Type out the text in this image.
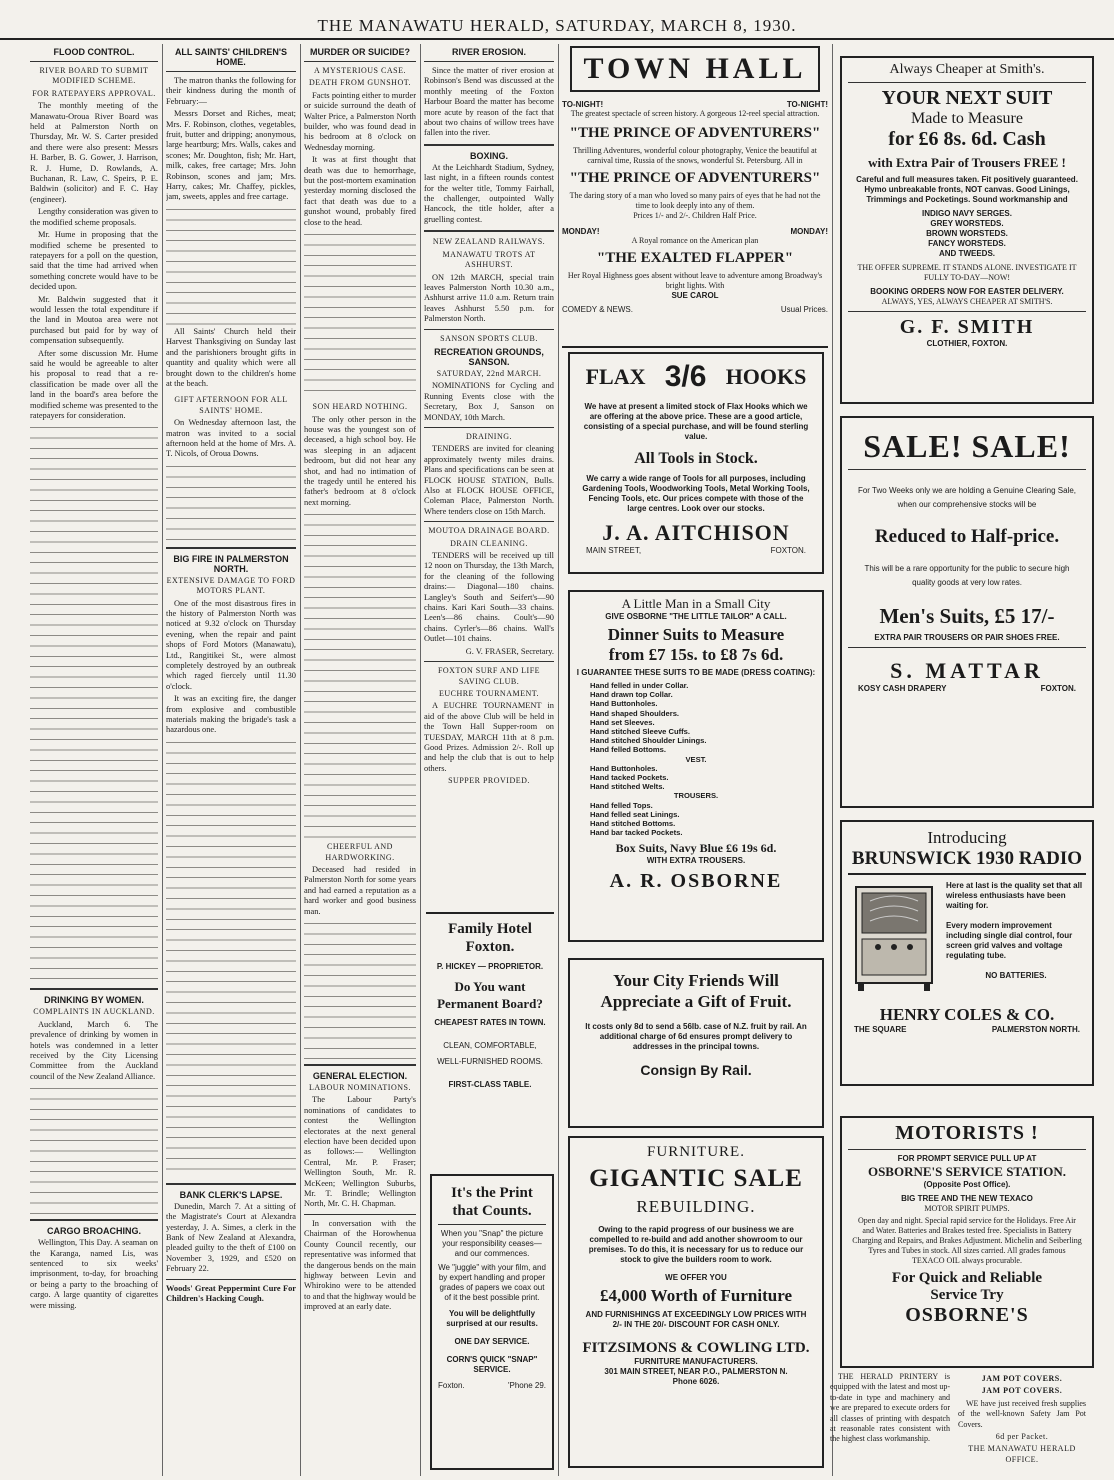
THE MANAWATU HERALD, SATURDAY, MARCH 8, 1930.
FLOOD CONTROL.
RIVER BOARD TO SUBMIT MODIFIED SCHEME.
FOR RATEPAYERS APPROVAL.

The monthly meeting of the Manawatu-Oroua River Board was held at Palmerston North on Thursday, Mr. W. S. Carter presided and there were also present: Messrs H. Barber, B. G. Gower, J. Harrison, R. J. Hume, D. Rowlands, A. Buchanan, R. Law, C. Speirs, P. E. Baldwin (solicitor) and F. C. Hay (engineer).

Lengthy consideration was given to the modified scheme proposals.

Mr. Hume in proposing that the modified scheme be presented to ratepayers for a poll on the question, said that the time had arrived when something concrete would have to be decided upon.

Mr. Baldwin suggested that it would lessen the total expenditure if the land in Moutoa area were not purchased but paid for by way of compensation subsequently.

After some discussion Mr. Hume said he would be agreeable to alter his proposal to read that a re-classification be made over all the land in the board's area before the modified scheme was presented to the ratepayers for consideration.

DRINKING BY WOMEN.
COMPLAINTS IN AUCKLAND.

Auckland, March 6. The prevalence of drinking by women in hotels was condemned in a letter received by the City Licensing Committee from the Auckland council of the New Zealand Alliance.

CARGO BROACHING.

Wellington, This Day. A seaman on the Karanga, named Lis, was sentenced to six weeks' imprisonment, to-day, for broaching or being a party to the broaching of cargo. A large quantity of cigarettes were missing.

ALL SAINTS' CHILDREN'S HOME.

The matron thanks the following for their kindness during the month of February:—

Messrs Dorset and Riches, meat; Mrs. F. Robinson, clothes, vegetables, fruit, butter and dripping; anonymous, large heartburg; Mrs. Walls, cakes and scones; Mr. Doughton, fish; Mr. Hart, milk, cakes, free cartage; Mrs. John Robinson, scones and jam; Mrs. Harry, cakes; Mr. Chaffey, pickles, jam, sweets, apples and free cartage.

All Saints' Church held their Harvest Thanksgiving on Sunday last and the parishioners brought gifts in quantity and quality which were all brought down to the children's home at the beach.

GIFT AFTERNOON FOR ALL SAINTS' HOME.

On Wednesday afternoon last, the matron was invited to a social afternoon held at the home of Mrs. A. T. Nicols, of Oroua Downs.

BIG FIRE IN PALMERSTON NORTH.
EXTENSIVE DAMAGE TO FORD MOTORS PLANT.

One of the most disastrous fires in the history of Palmerston North was noticed at 9.32 o'clock on Thursday evening, when the repair and paint shops of Ford Motors (Manawatu), Ltd., Rangitikei St., were almost completely destroyed by an outbreak which raged fiercely until 11.30 o'clock.

It was an exciting fire, the danger from explosive and combustible materials making the brigade's task a hazardous one.

BANK CLERK'S LAPSE.

Dunedin, March 7. At a sitting of the Magistrate's Court at Alexandra yesterday, J. A. Simes, a clerk in the Bank of New Zealand at Alexandra, pleaded guilty to the theft of £100 on November 3, 1929, and £520 on February 22.

Woods' Great Peppermint Cure For Children's Hacking Cough.

MURDER OR SUICIDE?
A MYSTERIOUS CASE.
DEATH FROM GUNSHOT.

Facts pointing either to murder or suicide surround the death of Walter Price, a Palmerston North builder, who was found dead in his bedroom at 8 o'clock on Wednesday morning.

It was at first thought that death was due to hemorrhage, but the post-mortem examination yesterday morning disclosed the fact that death was due to a gunshot wound, probably fired close to the head.

SON HEARD NOTHING.

The only other person in the house was the youngest son of deceased, a high school boy. He was sleeping in an adjacent bedroom, but did not hear any shot, and had no intimation of the tragedy until he entered his father's bedroom at 8 o'clock next morning.

CHEERFUL AND HARDWORKING.

Deceased had resided in Palmerston North for some years and had earned a reputation as a hard worker and good business man.

GENERAL ELECTION.
LABOUR NOMINATIONS.

The Labour Party's nominations of candidates to contest the Wellington electorates at the next general election have been decided upon as follows:— Wellington Central, Mr. P. Fraser; Wellington South, Mr. R. McKeen; Wellington Suburbs, Mr. T. Brindle; Wellington North, Mr. C. H. Chapman.

In conversation with the Chairman of the Horowhenua County Council recently, our representative was informed that the dangerous bends on the main highway between Levin and Whirokino were to be attended to and that the highway would be improved at an early date.

RIVER EROSION.

Since the matter of river erosion at Robinson's Bend was discussed at the monthly meeting of the Foxton Harbour Board the matter has become more acute by reason of the fact that about two chains of willow trees have fallen into the river.

BOXING.

At the Leichhardt Stadium, Sydney, last night, in a fifteen rounds contest for the welter title, Tommy Fairhall, the challenger, outpointed Wally Hancock, the title holder, after a gruelling contest.

NEW ZEALAND RAILWAYS.
MANAWATU TROTS AT ASHHURST.

ON 12th MARCH, special train leaves Palmerston North 10.30 a.m., Ashhurst arrive 11.0 a.m. Return train leaves Ashhurst 5.50 p.m. for Palmerston North.

SANSON SPORTS CLUB.
RECREATION GROUNDS, SANSON.
SATURDAY, 22nd MARCH.

NOMINATIONS for Cycling and Running Events close with the Secretary, Box J, Sanson on MONDAY, 10th March.

DRAINING.

TENDERS are invited for cleaning approximately twenty miles drains. Plans and specifications can be seen at FLOCK HOUSE STATION, Bulls. Also at FLOCK HOUSE OFFICE, Coleman Place, Palmerston North. Where tenders close on 15th March.

MOUTOA DRAINAGE BOARD.
DRAIN CLEANING.

TENDERS will be received up till 12 noon on Thursday, the 13th March, for the cleaning of the following drains:— Diagonal—180 chains. Langley's South and Seifert's—90 chains. Kari Kari South—33 chains. Leen's—86 chains. Coult's—90 chains. Cyrler's—86 chains. Wall's Outlet—101 chains.

G. V. FRASER, Secretary.

FOXTON SURF AND LIFE SAVING CLUB.
EUCHRE TOURNAMENT.

A EUCHRE TOURNAMENT in aid of the above Club will be held in the Town Hall Supper-room on TUESDAY, MARCH 11th at 8 p.m. Good Prizes. Admission 2/-. Roll up and help the club that is out to help others.

SUPPER PROVIDED.
Family Hotel Foxton.
P. HICKEY — PROPRIETOR.
Do You want Permanent Board?
CHEAPEST RATES IN TOWN.
CLEAN, COMFORTABLE, WELL-FURNISHED ROOMS.
FIRST-CLASS TABLE.
It's the Print that Counts.
When you "Snap" the picture your responsibility ceases—and our commences.
We "juggle" with your film, and by expert handling and proper grades of papers we coax out of it the best possible print.
You will be delightfully surprised at our results.
ONE DAY SERVICE.
CORN'S QUICK "SNAP" SERVICE.
Foxton.	'Phone 29.
TOWN HALL
TO-NIGHT!	TO-NIGHT!
The greatest spectacle of screen history. A gorgeous 12-reel special attraction.
"THE PRINCE OF ADVENTURERS"
Thrilling Adventures, wonderful colour photography, Venice the beautiful at carnival time, Russia of the snows, wonderful St. Petersburg. All in
"THE PRINCE OF ADVENTURERS"
The daring story of a man who loved so many pairs of eyes that he had not the time to look deeply into any of them.
Prices 1/- and 2/-. Children Half Price.
MONDAY!	MONDAY!
A Royal romance on the American plan
"THE EXALTED FLAPPER"
Her Royal Highness goes absent without leave to adventure among Broadway's bright lights. With
SUE CAROL
COMEDY & NEWS.	Usual Prices.
FLAX 3/6 HOOKS
We have at present a limited stock of Flax Hooks which we are offering at the above price. These are a good article, consisting of a special purchase, and will be found sterling value.
All Tools in Stock.
We carry a wide range of Tools for all purposes, including Gardening Tools, Woodworking Tools, Metal Working Tools, Fencing Tools, etc. Our prices compete with those of the large centres. Look over our stocks.
J. A. AITCHISON
MAIN STREET,	FOXTON.
A Little Man in a Small City
GIVE OSBORNE "THE LITTLE TAILOR" A CALL.
Dinner Suits to Measure
from £7 15s. to £8 7s 6d.
I GUARANTEE THESE SUITS TO BE MADE (DRESS COATING):
Hand felled in under Collar.
Hand drawn top Collar.
Hand Buttonholes.
Hand shaped Shoulders.
Hand set Sleeves.
Hand stitched Sleeve Cuffs.
Hand stitched Shoulder Linings.
Hand felled Bottoms.
VEST.
Hand Buttonholes.
Hand tacked Pockets.
Hand stitched Welts.
TROUSERS.
Hand felled Tops.
Hand felled seat Linings.
Hand stitched Bottoms.
Hand bar tacked Pockets.
Box Suits, Navy Blue £6 19s 6d.
WITH EXTRA TROUSERS.
A. R. OSBORNE
Your City Friends Will Appreciate a Gift of Fruit.
It costs only 8d to send a 56lb. case of N.Z. fruit by rail. An additional charge of 6d ensures prompt delivery to addresses in the principal towns.
Consign By Rail.
FURNITURE.
GIGANTIC SALE
REBUILDING.
Owing to the rapid progress of our business we are compelled to re-build and add another showroom to our premises. To do this, it is necessary for us to reduce our stock to give the builders room to work.
WE OFFER YOU
£4,000 Worth of Furniture
AND FURNISHINGS AT EXCEEDINGLY LOW PRICES WITH 2/- IN THE 20/- DISCOUNT FOR CASH ONLY.
FITZSIMONS & COWLING LTD.
FURNITURE MANUFACTURERS.
301 MAIN STREET, NEAR P.O., PALMERSTON N.
Phone 6026.

THE HERALD PRINTERY is equipped with the latest and most up-to-date in type and machinery and we are prepared to execute orders for all classes of printing with despatch at reasonable rates consistent with the highest class workmanship.

JAM POT COVERS.
JAM POT COVERS.

WE have just received fresh supplies of the well-known Safety Jam Pot Covers.

6d per Packet.
THE MANAWATU HERALD OFFICE.
Always Cheaper at Smith's.
YOUR NEXT SUIT
Made to Measure
for £6 8s. 6d. Cash
with Extra Pair of Trousers FREE !
Careful and full measures taken. Fit positively guaranteed. Hymo unbreakable fronts, NOT canvas. Good Linings, Trimmings and Pocketings. Sound workmanship and
INDIGO NAVY SERGES.
GREY WORSTEDS.
BROWN WORSTEDS.
FANCY WORSTEDS.
AND TWEEDS.
THE OFFER SUPREME. IT STANDS ALONE. INVESTIGATE IT FULLY TO-DAY—NOW!
BOOKING ORDERS NOW FOR EASTER DELIVERY.
ALWAYS, YES, ALWAYS CHEAPER AT SMITH'S.
G. F. SMITH
CLOTHIER, FOXTON.
SALE! SALE!
For Two Weeks only we are holding a Genuine Clearing Sale, when our comprehensive stocks will be
Reduced to Half-price.
This will be a rare opportunity for the public to secure high quality goods at very low rates.
Men's Suits, £5 17/-
EXTRA PAIR TROUSERS OR PAIR SHOES FREE.
S. MATTAR
KOSY CASH DRAPERY	FOXTON.
Introducing
BRUNSWICK 1930 RADIO
Here at last is the quality set that all wireless enthusiasts have been waiting for.
Every modern improvement including single dial control, four screen grid valves and voltage regulating tube.
NO BATTERIES.
HENRY COLES & CO.
THE SQUARE	PALMERSTON NORTH.
MOTORISTS !
FOR PROMPT SERVICE PULL UP AT
OSBORNE'S SERVICE STATION.
(Opposite Post Office).
BIG TREE AND THE NEW TEXACO
MOTOR SPIRIT PUMPS.
Open day and night. Special rapid service for the Holidays. Free Air and Water. Batteries and Brakes tested free. Specialists in Battery Charging and Repairs, and Brakes Adjustment. Michelin and Seiberling Tyres and Tubes in stock. All sizes carried. All grades famous TEXACO OIL always procurable.
For Quick and Reliable
Service Try
OSBORNE'S
